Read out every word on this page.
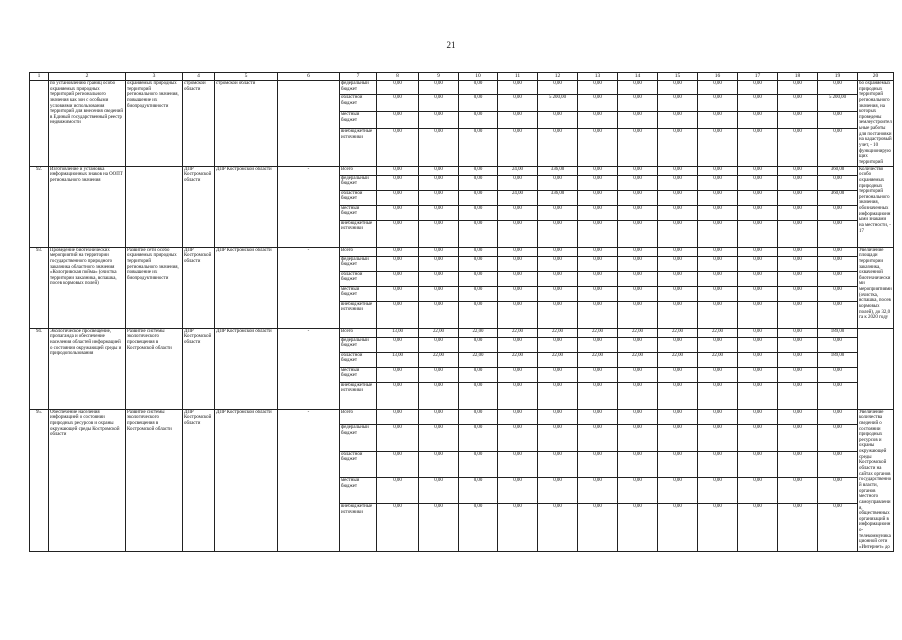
21
1	2	3	4	5	6	7	8	9	10	11	12	13	14	15	16	17	18	19	20
	по установлению границ особо охраняемых природных территорий регионального значения как зон с особыми условиями использования территорий для внесения сведений в Единый государственный реестр недвижимости	охраняемых природных территорий регионального значения, повышение их биопродуктивности	стромской области	стромской области		федеральный бюджет	0,00	0,00	0,00	0,00	0,00	0,00	0,00	0,00	0,00	0,00	0,00	0,00	бо охраняемых природных территорий регионального значения, на которых проведены землеустроительные работы для постановки на кадастровый учет, - 10 функционирующих территорий
						областной бюджет	0,00	0,00	0,00	0,00	5 200,00	0,00	0,00	0,00	0,00	0,00	0,00	5 200,00	
						местный бюджет	0,00	0,00	0,00	0,00	0,00	0,00	0,00	0,00	0,00	0,00	0,00	0,00	
						внебюджетные источники	0,00	0,00	0,00	0,00	0,00	0,00	0,00	0,00	0,00	0,00	0,00	0,00	
92.	Изготовление и установка информационных знаков на ООПТ регионального значения		ДПР Костромской области	ДПР Костромской области	-	Всего	0,00	0,00	0,00	24,00	336,00	0,00	0,00	0,00	0,00	0,00	0,00	360,00	Количество особо охраняемых природных территорий регионального значения, обозначенных информационными знаками на местности, - 17
						федеральный бюджет	0,00	0,00	0,00	0,00	0,00	0,00	0,00	0,00	0,00	0,00	0,00	0,00	
						областной бюджет	0,00	0,00	0,00	24,00	336,00	0,00	0,00	0,00	0,00	0,00	0,00	360,00	
						местный бюджет	0,00	0,00	0,00	0,00	0,00	0,00	0,00	0,00	0,00	0,00	0,00	0,00	
						внебюджетные источники	0,00	0,00	0,00	0,00	0,00	0,00	0,00	0,00	0,00	0,00	0,00	0,00	
93.	Проведение биотехнических мероприятий на территории государственного природного заказника областного значения «Кологривская пойма» (очистка территории заказника, вспашка, посев кормовых полей)	Развитие сети особо охраняемых природных территорий регионального значения, повышение их биопродуктивности	ДПР Костромской области	ДПР Костромской области	-	Всего	0,00	0,00	0,00	0,00	0,00	0,00	0,00	0,00	0,00	0,00	0,00	0,00	Увеличение площади территории заказника, охваченной биотехническими мероприятиями (очистка, вспашка, посев кормовых полей), до 32,0 га к 2020 году
						федеральный бюджет	0,00	0,00	0,00	0,00	0,00	0,00	0,00	0,00	0,00	0,00	0,00	0,00	
						областной бюджет	0,00	0,00	0,00	0,00	0,00	0,00	0,00	0,00	0,00	0,00	0,00	0,00	
						местный бюджет	0,00	0,00	0,00	0,00	0,00	0,00	0,00	0,00	0,00	0,00	0,00	0,00	
						внебюджетные источники	0,00	0,00	0,00	0,00	0,00	0,00	0,00	0,00	0,00	0,00	0,00	0,00	
94.	Экологическое просвещение, пропаганда и обеспечение населения областей информацией о состоянии окружающей среды и природопользования	Развитие системы экологического просвещения в Костромской области	ДПР Костромской области	ДПР Костромской области	-	Всего	13,00	22,00	22,00	22,00	22,00	22,00	22,00	22,00	22,00	0,00	0,00	189,00	
						федеральный бюджет	0,00	0,00	0,00	0,00	0,00	0,00	0,00	0,00	0,00	0,00	0,00	0,00	
						областной бюджет	13,00	22,00	22,00	22,00	22,00	22,00	22,00	22,00	22,00	0,00	0,00	189,00	
						местный бюджет	0,00	0,00	0,00	0,00	0,00	0,00	0,00	0,00	0,00	0,00	0,00	0,00	
						внебюджетные источники	0,00	0,00	0,00	0,00	0,00	0,00	0,00	0,00	0,00	0,00	0,00	0,00	
95.	Обеспечение населения информацией о состоянии природных ресурсов и охраны окружающей среды Костромской области	Развитие системы экологического просвещения в Костромской области	ДПР Костромской области	ДПР Костромской области	-	Всего	0,00	0,00	0,00	0,00	0,00	0,00	0,00	0,00	0,00	0,00	0,00	0,00	Увеличение количества сведений о состоянии природных ресурсов и охраны окружающей среды Костромской области на сайтах органов государственной власти, органов местного самоуправления, общественных организаций в информационно-телекоммуникационной сети «Интернет» до
						федеральный бюджет	0,00	0,00	0,00	0,00	0,00	0,00	0,00	0,00	0,00	0,00	0,00	0,00	
						областной бюджет	0,00	0,00	0,00	0,00	0,00	0,00	0,00	0,00	0,00	0,00	0,00	0,00	
						местный бюджет	0,00	0,00	0,00	0,00	0,00	0,00	0,00	0,00	0,00	0,00	0,00	0,00	
						внебюджетные источники	0,00	0,00	0,00	0,00	0,00	0,00	0,00	0,00	0,00	0,00	0,00	0,00	
